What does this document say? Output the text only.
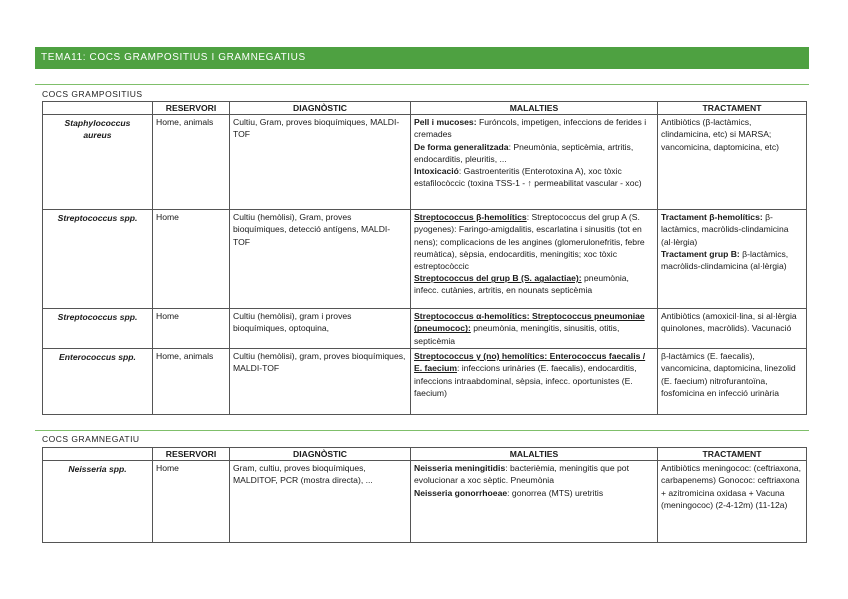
TEMA11: COCS GRAMPOSITIUS I GRAMNEGATIUS
COCS GRAMPOSITIUS
	RESERVORI	DIAGNÒSTIC	MALALTIES	TRACTAMENT

Staphylococcus aureus	Home, animals	Cultiu, Gram, proves bioquímiques, MALDI-TOF	Pell i mucoses: Furóncols, impetigen, infeccions de ferides i cremades
De forma generalitzada: Pneumònia, septicèmia, artritis, endocarditis, pleuritis, ...
Intoxicació: Gastroenteritis (Enterotoxina A), xoc tòxic estafilocòccic (toxina TSS-1 - ↑ permeabilitat vascular - xoc)	Antibiòtics (β-lactàmics, clindamicina, etc) si MARSA; vancomicina, daptomicina, etc)
Streptococcus spp.	Home	Cultiu (hemòlisi), Gram, proves bioquímiques, detecció antígens, MALDI-TOF	Streptococcus β-hemolítics: Streptococcus del grup A (S. pyogenes): Faringo-amigdalitis, escarlatina i sinusitis (tot en nens); complicacions de les angines (glomerulonefritis, febre reumàtica), sèpsia, endocarditis, meningitis; xoc tòxic estreptocòccic
Streptococcus del grup B (S. agalactiae): pneumònia, infecc. cutànies, artritis, en nounats septicèmia	Tractament β-hemolítics: β-lactàmics, macròlids-clindamicina (al·lèrgia)
Tractament grup B: β-lactàmics, macròlids-clindamicina (al·lèrgia)
Streptococcus spp.	Home	Cultiu (hemòlisi), gram i proves bioquímiques, optoquina,	Streptococcus α-hemolítics: Streptococcus pneumoniae (pneumococ): pneumònia, meningitis, sinusitis, otitis, septicèmia	Antibiòtics (amoxicil·lina, si al·lèrgia quinolones, macròlids). Vacunació
Enterococcus spp.	Home, animals	Cultiu (hemòlisi), gram, proves bioquímiques, MALDI-TOF	Streptococcus γ (no) hemolítics: Enterococcus faecalis / E. faecium: infeccions urinàries (E. faecalis), endocarditis, infeccions intraabdominal, sèpsia, infecc. oportunistes (E. faecium)	β-lactàmics (E. faecalis), vancomicina, daptomicina, linezolid (E. faecium) nitrofurantoïna, fosfomicina en infecció urinària
COCS GRAMNEGATIU
	RESERVORI	DIAGNÒSTIC	MALALTIES	TRACTAMENT
Neisseria spp.	Home	Gram, cultiu, proves bioquímiques, MALDITOF, PCR (mostra directa), ...	Neisseria meningitidis: bacterièmia, meningitis que pot evolucionar a xoc sèptic. Pneumònia
Neisseria gonorrhoeae: gonorrea (MTS) uretritis	Antibiòtics meningococ: (ceftriaxona, carbapenems) Gonococ: ceftriaxona + azitromicina oxidasa + Vacuna (meningococ) (2-4-12m) (11-12a)
